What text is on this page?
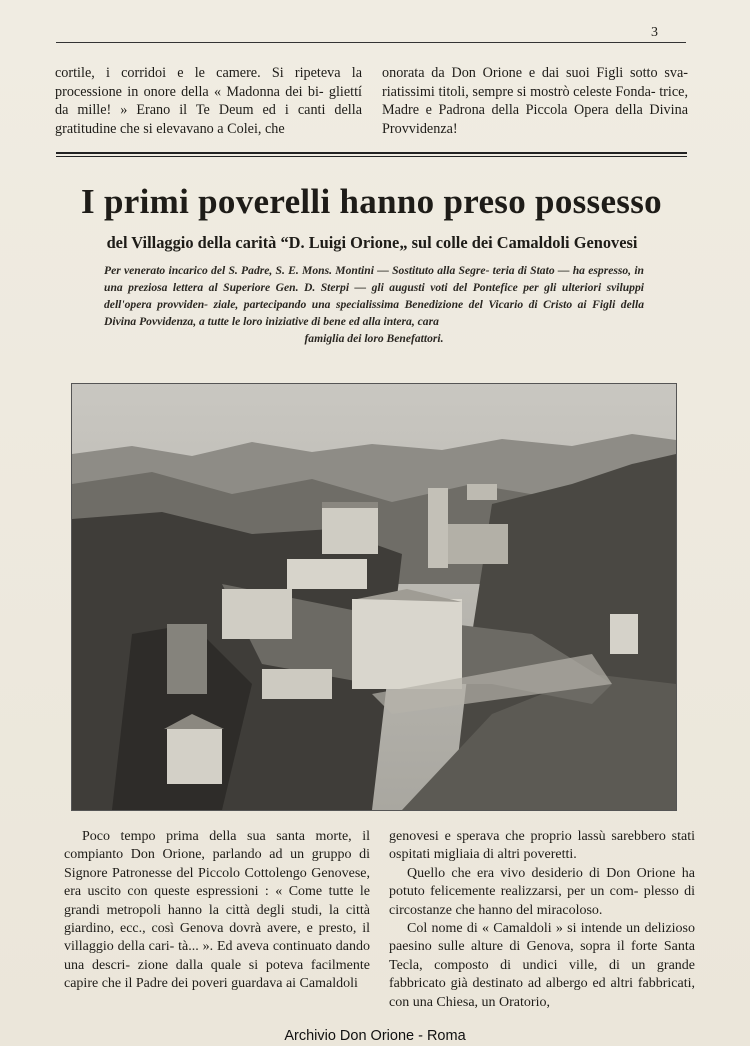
3
cortile, i corridoi e le camere. Si ripeteva la processione in onore della « Madonna dei bi- gliettí da mille! » Erano il Te Deum ed i canti della gratitudine che si elevavano a Colei, che
onorata da Don Orione e dai suoi Figli sotto sva- riatissimi titoli, sempre si mostrò celeste Fonda- trice, Madre e Padrona della Piccola Opera della Divina Provvidenza!
I primi poverelli hanno preso possesso
del Villaggio della carità “D. Luigi Orione„ sul colle dei Camaldoli Genovesi

Per venerato incarico del S. Padre, S. E. Mons. Montini — Sostituto alla Segre- teria di Stato — ha espresso, in una preziosa lettera al Superiore Gen. D. Sterpi — gli augusti voti del Pontefice per gli ulteriori sviluppi dell'opera provviden- ziale, partecipando una specialissima Benedizione del Vicario di Cristo ai Figli della Divina Povvidenza, a tutte le loro iniziative di bene ed alla intera, cara
famiglia dei loro Benefattori.

Poco tempo prima della sua santa morte, il compianto Don Orione, parlando ad un gruppo di Signore Patronesse del Piccolo Cottolengo Genovese, era uscito con queste espressioni : « Come tutte le grandi metropoli hanno la città degli studi, la città giardino, ecc., così Genova dovrà avere, e presto, il villaggio della cari- tà... ». Ed aveva continuato dando una descri- zione dalla quale si poteva facilmente capire che il Padre dei poveri guardava ai Camaldoli

genovesi e sperava che proprio lassù sarebbero stati ospitati migliaia di altri poveretti.

Quello che era vivo desiderio di Don Orione ha potuto felicemente realizzarsi, per un com- plesso di circostanze che hanno del miracoloso.

Col nome di « Camaldoli » si intende un delizioso paesino sulle alture di Genova, sopra il forte Santa Tecla, composto di undici ville, di un grande fabbricato già destinato ad albergo ed altri fabbricati, con una Chiesa, un Oratorio,

Archivio Don Orione - Roma
